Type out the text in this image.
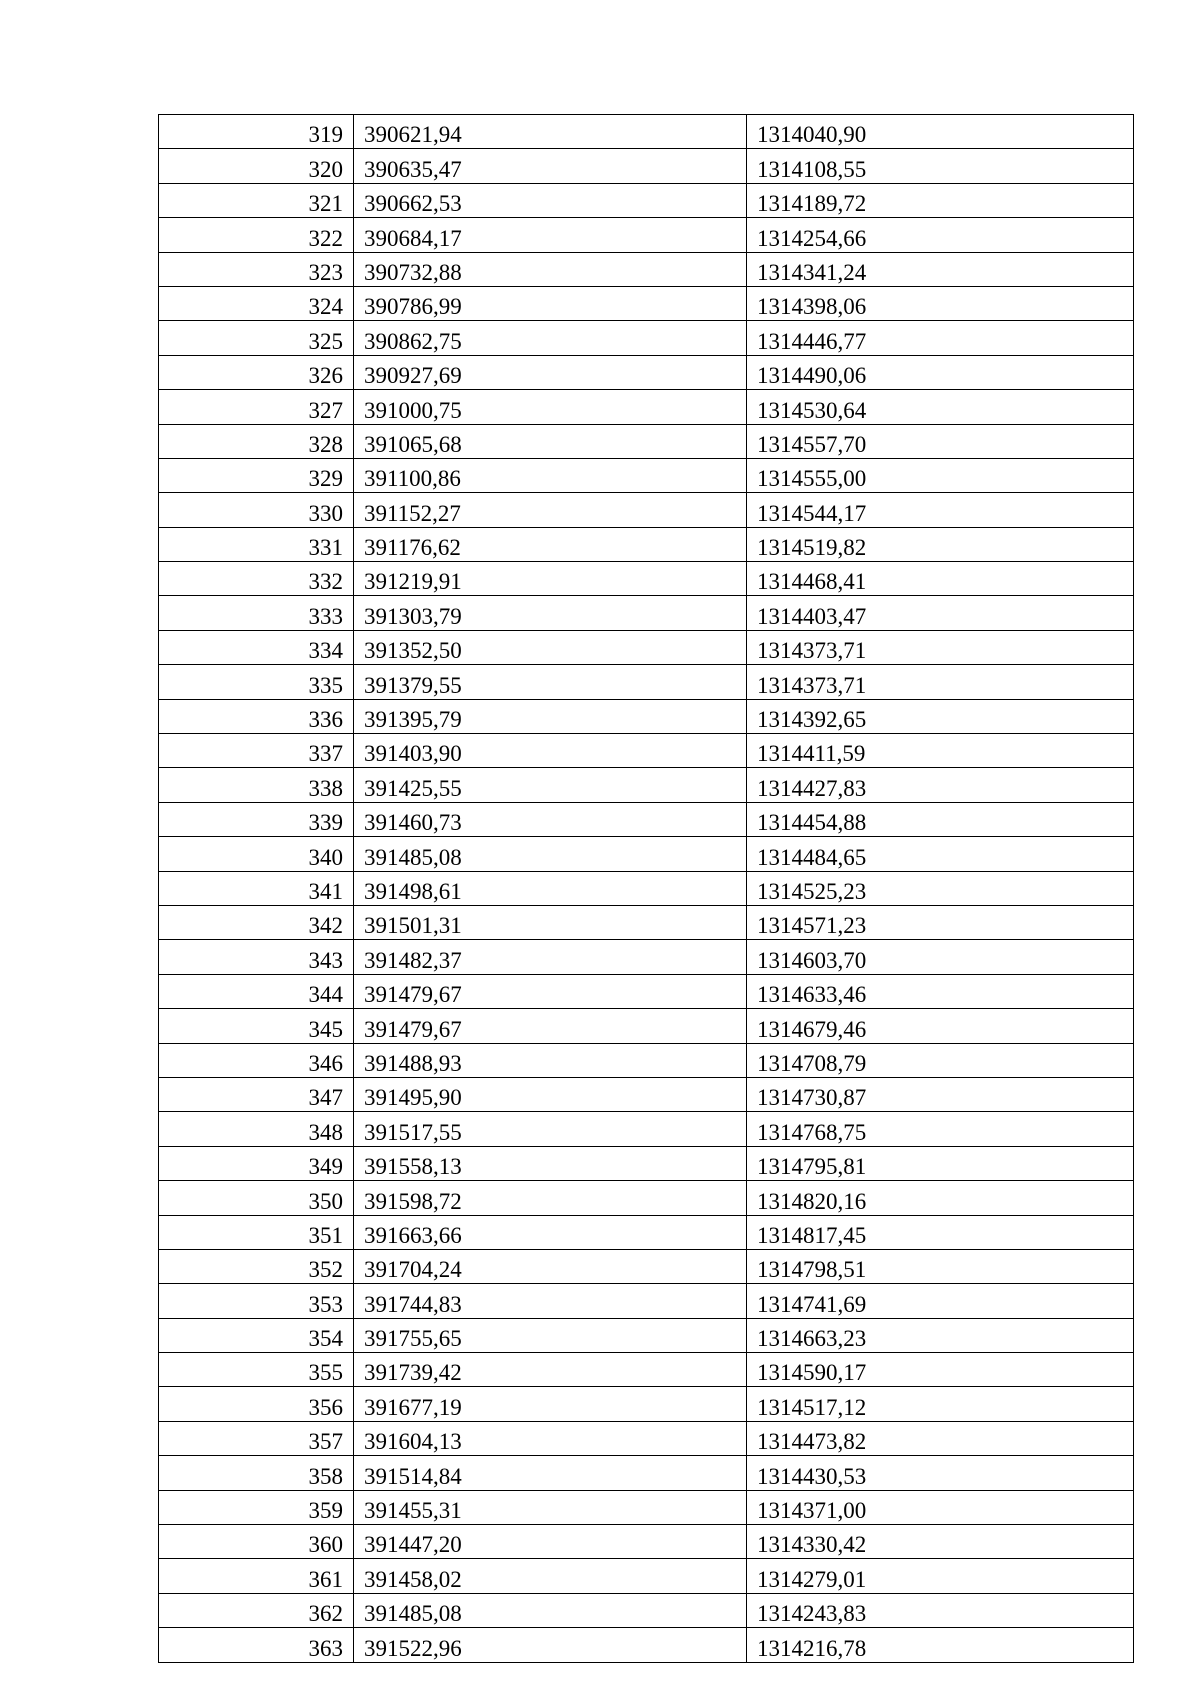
319	390621,94	1314040,90
320	390635,47	1314108,55
321	390662,53	1314189,72
322	390684,17	1314254,66
323	390732,88	1314341,24
324	390786,99	1314398,06
325	390862,75	1314446,77
326	390927,69	1314490,06
327	391000,75	1314530,64
328	391065,68	1314557,70
329	391100,86	1314555,00
330	391152,27	1314544,17
331	391176,62	1314519,82
332	391219,91	1314468,41
333	391303,79	1314403,47
334	391352,50	1314373,71
335	391379,55	1314373,71
336	391395,79	1314392,65
337	391403,90	1314411,59
338	391425,55	1314427,83
339	391460,73	1314454,88
340	391485,08	1314484,65
341	391498,61	1314525,23
342	391501,31	1314571,23
343	391482,37	1314603,70
344	391479,67	1314633,46
345	391479,67	1314679,46
346	391488,93	1314708,79
347	391495,90	1314730,87
348	391517,55	1314768,75
349	391558,13	1314795,81
350	391598,72	1314820,16
351	391663,66	1314817,45
352	391704,24	1314798,51
353	391744,83	1314741,69
354	391755,65	1314663,23
355	391739,42	1314590,17
356	391677,19	1314517,12
357	391604,13	1314473,82
358	391514,84	1314430,53
359	391455,31	1314371,00
360	391447,20	1314330,42
361	391458,02	1314279,01
362	391485,08	1314243,83
363	391522,96	1314216,78
